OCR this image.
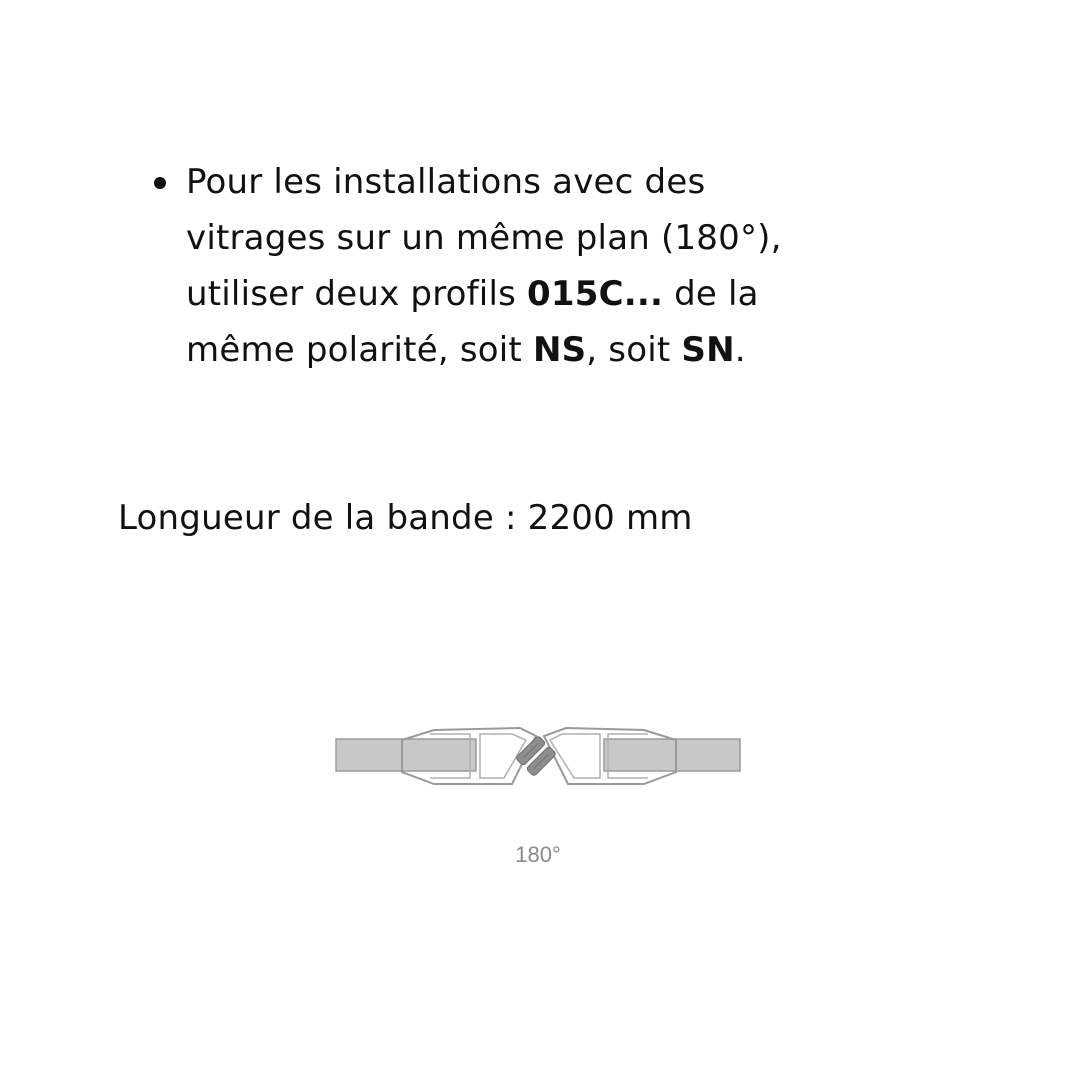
Pour les installations avec des
vitrages sur un même plan (180°),
utiliser deux profils 015C... de la
même polarité, soit NS, soit SN.
Longueur de la bande : 2200 mm
180°
